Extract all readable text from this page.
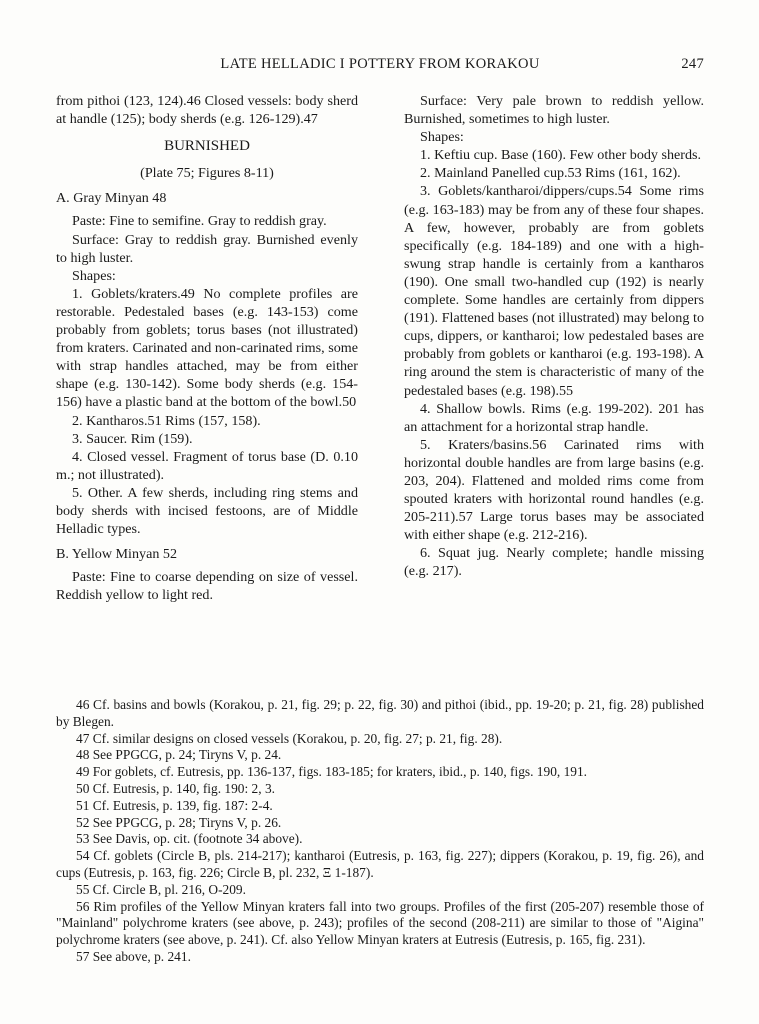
LATE HELLADIC I POTTERY FROM KORAKOU	247

from pithoi (123, 124).46 Closed vessels: body sherd at handle (125); body sherds (e.g. 126-129).47

BURNISHED

(Plate 75; Figures 8-11)

A. Gray Minyan 48

Paste: Fine to semifine. Gray to reddish gray.

Surface: Gray to reddish gray. Burnished evenly to high luster.

Shapes:

1. Goblets/kraters.49 No complete profiles are restorable. Pedestaled bases (e.g. 143-153) come probably from goblets; torus bases (not illustrated) from kraters. Carinated and non-carinated rims, some with strap handles attached, may be from either shape (e.g. 130-142). Some body sherds (e.g. 154-156) have a plastic band at the bottom of the bowl.50

2. Kantharos.51 Rims (157, 158).

3. Saucer. Rim (159).

4. Closed vessel. Fragment of torus base (D. 0.10 m.; not illustrated).

5. Other. A few sherds, including ring stems and body sherds with incised festoons, are of Middle Helladic types.

B. Yellow Minyan 52

Paste: Fine to coarse depending on size of vessel. Reddish yellow to light red.

Surface: Very pale brown to reddish yellow. Burnished, sometimes to high luster.

Shapes:

1. Keftiu cup. Base (160). Few other body sherds.

2. Mainland Panelled cup.53 Rims (161, 162).

3. Goblets/kantharoi/dippers/cups.54 Some rims (e.g. 163-183) may be from any of these four shapes. A few, however, probably are from goblets specifically (e.g. 184-189) and one with a high-swung strap handle is certainly from a kantharos (190). One small two-handled cup (192) is nearly complete. Some handles are certainly from dippers (191). Flattened bases (not illustrated) may belong to cups, dippers, or kantharoi; low pedestaled bases are probably from goblets or kantharoi (e.g. 193-198). A ring around the stem is characteristic of many of the pedestaled bases (e.g. 198).55

4. Shallow bowls. Rims (e.g. 199-202). 201 has an attachment for a horizontal strap handle.

5. Kraters/basins.56 Carinated rims with horizontal double handles are from large basins (e.g. 203, 204). Flattened and molded rims come from spouted kraters with horizontal round handles (e.g. 205-211).57 Large torus bases may be associated with either shape (e.g. 212-216).

6. Squat jug. Nearly complete; handle missing (e.g. 217).

46 Cf. basins and bowls (Korakou, p. 21, fig. 29; p. 22, fig. 30) and pithoi (ibid., pp. 19-20; p. 21, fig. 28) published by Blegen.

47 Cf. similar designs on closed vessels (Korakou, p. 20, fig. 27; p. 21, fig. 28).

48 See PPGCG, p. 24; Tiryns V, p. 24.

49 For goblets, cf. Eutresis, pp. 136-137, figs. 183-185; for kraters, ibid., p. 140, figs. 190, 191.

50 Cf. Eutresis, p. 140, fig. 190: 2, 3.

51 Cf. Eutresis, p. 139, fig. 187: 2-4.

52 See PPGCG, p. 28; Tiryns V, p. 26.

53 See Davis, op. cit. (footnote 34 above).

54 Cf. goblets (Circle B, pls. 214-217); kantharoi (Eutresis, p. 163, fig. 227); dippers (Korakou, p. 19, fig. 26), and cups (Eutresis, p. 163, fig. 226; Circle B, pl. 232, Ξ 1-187).

55 Cf. Circle B, pl. 216, O-209.

56 Rim profiles of the Yellow Minyan kraters fall into two groups. Profiles of the first (205-207) resemble those of "Mainland" polychrome kraters (see above, p. 243); profiles of the second (208-211) are similar to those of "Aigina" polychrome kraters (see above, p. 241). Cf. also Yellow Minyan kraters at Eutresis (Eutresis, p. 165, fig. 231).

57 See above, p. 241.
